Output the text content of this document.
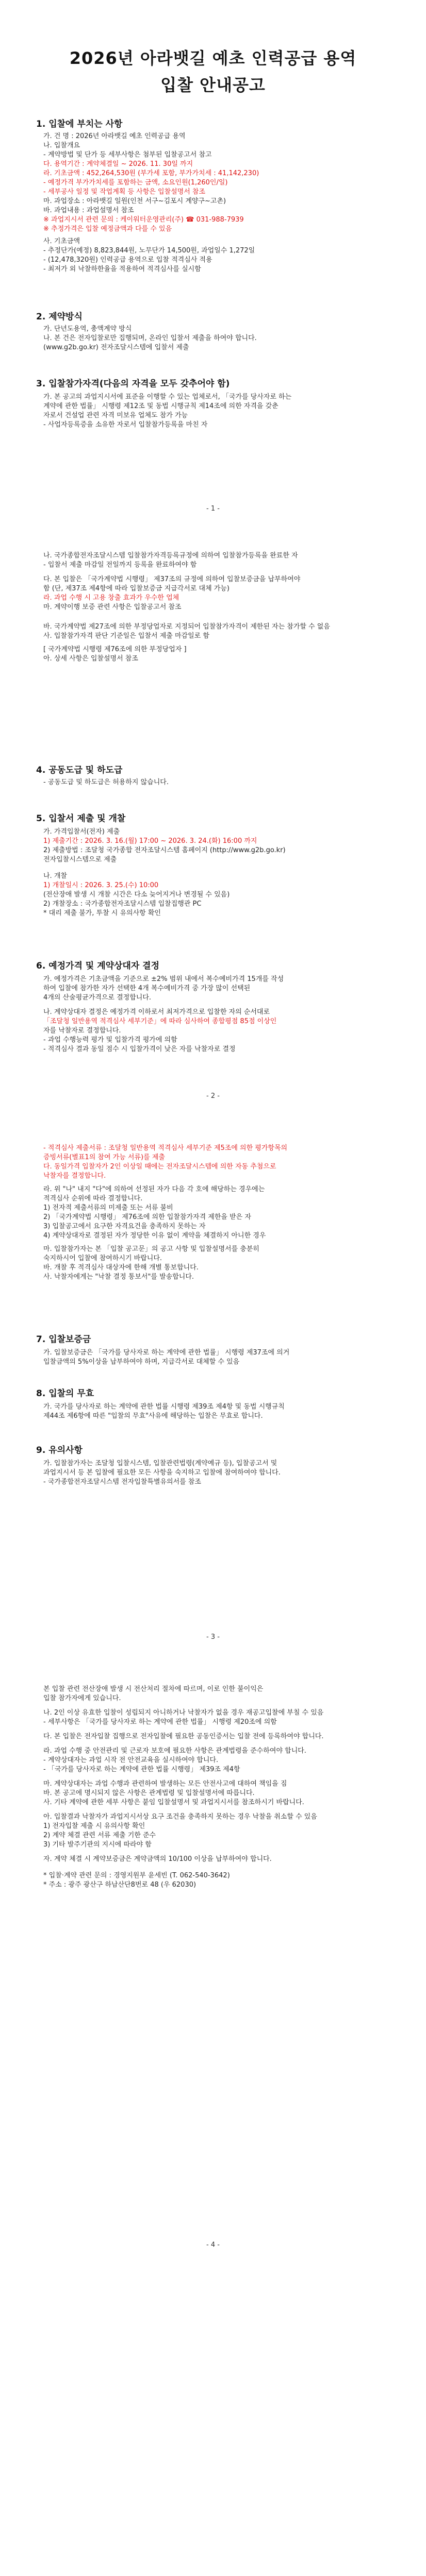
2026년 아라뱃길 예초 인력공급 용역
입찰 안내공고
1. 입찰에 부치는 사항
가. 건 명 : 2026년 아라뱃길 예초 인력공급 용역
나. 입찰개요
- 계약방법 및 단가 등 세부사항은 첨부된 입찰공고서 참고
다. 용역기간 : 계약체결일 ~ 2026. 11. 30일 까지
라. 기초금액 : 452,264,530원 (부가세 포함, 부가가치세 : 41,142,230)
- 예정가격 부가가치세를 포함하는 금액, 소요인원(1,260인/일)
- 세부공사 일정 및 작업계획 등 사항은 입찰설명서 참조
마. 과업장소 : 아라뱃길 일원(인천 서구~김포시 계양구~고촌)
바. 과업내용 : 과업설명서 참조
※ 과업지시서 관련 문의 : 케이워터운영관리(주) ☎ 031-988-7939
※ 추정가격은 입찰 예정금액과 다를 수 있음
사. 기초금액
- 추정단가(예정) 8,823,844원, 노무단가 14,500원, 과업일수 1,272일
- (12,478,320원) 인력공급 용역으로 입찰 적격심사 적용
- 최저가 외 낙찰하한율을 적용하여 적격심사를 실시함
2. 제약방식
가. 단년도용역, 총액계약 방식
나. 본 건은 전자입찰로만 집행되며, 온라인 입찰서 제출을 하여야 합니다.
(www.g2b.go.kr) 전자조달시스템에 입찰서 제출
3. 입찰참가자격(다음의 자격을 모두 갖추어야 함)
가. 본 공고의 과업지시서에 표준을 이행할 수 있는 업체로서, 「국가를 당사자로 하는
계약에 관한 법률」 시행령 제12조 및 동법 시행규칙 제14조에 의한 자격을 갖춘
자로서 건설업 관련 자격 미보유 업체도 참가 가능
- 사업자등록증을 소유한 자로서 입찰참가등록을 마친 자
- 1 -
나. 국가종합전자조달시스템 입찰참가자격등록규정에 의하여 입찰참가등록을 완료한 자
- 입찰서 제출 마감일 전일까지 등록을 완료하여야 함
다. 본 입찰은 「국가계약법 시행령」 제37조의 규정에 의하여 입찰보증금을 납부하여야
함 (단, 제37조 제4항에 따라 입찰보증금 지급각서로 대체 가능)
라. 과업 수행 시 고용 창출 효과가 우수한 업체
마. 계약이행 보증 관련 사항은 입찰공고서 참조
바. 국가계약법 제27조에 의한 부정당업자로 지정되어 입찰참가자격이 제한된 자는 참가할 수 없음
사. 입찰참가자격 판단 기준일은 입찰서 제출 마감일로 함
[ 국가계약법 시행령 제76조에 의한 부정당업자 ]
아. 상세 사항은 입찰설명서 참조
4. 공동도급 및 하도급
- 공동도급 및 하도급은 허용하지 않습니다.
5. 입찰서 제출 및 개찰
가. 가격입찰서(전자) 제출
1) 제출기간 : 2026. 3. 16.(월) 17:00 ~ 2026. 3. 24.(화) 16:00 까지
2) 제출방법 : 조달청 국가종합 전자조달시스템 홈페이지 (http://www.g2b.go.kr)
전자입찰시스템으로 제출
나. 개찰
1) 개찰일시 : 2026. 3. 25.(수) 10:00
(전산장애 발생 시 개찰 시간은 다소 늦어지거나 변경될 수 있음)
2) 개찰장소 : 국가종합전자조달시스템 입찰집행관 PC
* 대리 제출 불가, 투찰 시 유의사항 확인
6. 예정가격 및 계약상대자 결정
가. 예정가격은 기초금액을 기준으로 ±2% 범위 내에서 복수예비가격 15개를 작성
하여 입찰에 참가한 자가 선택한 4개 복수예비가격 중 가장 많이 선택된
4개의 산술평균가격으로 결정합니다.
나. 계약상대자 결정은 예정가격 이하로서 최저가격으로 입찰한 자의 순서대로
「조달청 일반용역 적격심사 세부기준」에 따라 심사하여 종합평점 85점 이상인
자를 낙찰자로 결정합니다.
- 과업 수행능력 평가 및 입찰가격 평가에 의함
- 적격심사 결과 동일 점수 시 입찰가격이 낮은 자를 낙찰자로 결정
- 2 -
- 적격심사 제출서류 : 조달청 일반용역 적격심사 세부기준 제5조에 의한 평가항목의
증빙서류(별표1의 참여 가능 서류)를 제출
다. 동일가격 입찰자가 2인 이상일 때에는 전자조달시스템에 의한 자동 추첨으로
낙찰자를 결정합니다.
라. 위 "나" 내지 "다"에 의하여 선정된 자가 다음 각 호에 해당하는 경우에는
적격심사 순위에 따라 결정합니다.
1) 전자적 제출서류의 미제출 또는 서류 불비
2) 「국가계약법 시행령」 제76조에 의한 입찰참가자격 제한을 받은 자
3) 입찰공고에서 요구한 자격요건을 충족하지 못하는 자
4) 계약상대자로 결정된 자가 정당한 이유 없이 계약을 체결하지 아니한 경우
마. 입찰참가자는 본 「입찰 공고문」의 공고 사항 및 입찰설명서를 충분히
숙지하시어 입찰에 참여하시기 바랍니다.
바. 개찰 후 적격심사 대상자에 한해 개별 통보합니다.
사. 낙찰자에게는 "낙찰 결정 통보서"를 발송합니다.
7. 입찰보증금
가. 입찰보증금은 「국가를 당사자로 하는 계약에 관한 법률」 시행령 제37조에 의거
입찰금액의 5%이상을 납부하여야 하며, 지급각서로 대체할 수 있음
8. 입찰의 무효
가. 국가를 당사자로 하는 계약에 관한 법률 시행령 제39조 제4항 및 동법 시행규칙
제44조 제6항에 따른 "입찰의 무효"사유에 해당하는 입찰은 무효로 합니다.
9. 유의사항
가. 입찰참가자는 조달청 입찰시스템, 입찰관련법령(계약예규 등), 입찰공고서 및
과업지시서 등 본 입찰에 필요한 모든 사항을 숙지하고 입찰에 참여하여야 합니다.
- 국가종합전자조달시스템 전자입찰특별유의서를 참조
- 3 -
본 입찰 관련 전산장애 발생 시 전산처리 절차에 따르며, 이로 인한 불이익은
입찰 참가자에게 있습니다.
나. 2인 이상 유효한 입찰이 성립되지 아니하거나 낙찰자가 없을 경우 재공고입찰에 부칠 수 있음
- 세부사항은 「국가를 당사자로 하는 계약에 관한 법률」 시행령 제20조에 의함
다. 본 입찰은 전자입찰 집행으로 전자입찰에 필요한 공동인증서는 입찰 전에 등록하여야 합니다.
라. 과업 수행 중 안전관리 및 근로자 보호에 필요한 사항은 관계법령을 준수하여야 합니다.
- 계약상대자는 과업 시작 전 안전교육을 실시하여야 합니다.
- 「국가를 당사자로 하는 계약에 관한 법률 시행령」 제39조 제4항
마. 계약상대자는 과업 수행과 관련하여 발생하는 모든 안전사고에 대하여 책임을 짐
바. 본 공고에 명시되지 않은 사항은 관계법령 및 입찰설명서에 따릅니다.
사. 기타 계약에 관한 세부 사항은 붙임 입찰설명서 및 과업지시서를 참조하시기 바랍니다.
아. 입찰결과 낙찰자가 과업지시서상 요구 조건을 충족하지 못하는 경우 낙찰을 취소할 수 있음
1) 전자입찰 제출 시 유의사항 확인
2) 계약 체결 관련 서류 제출 기한 준수
3) 기타 발주기관의 지시에 따라야 함
자. 계약 체결 시 계약보증금은 계약금액의 10/100 이상을 납부하여야 합니다.
* 입찰·계약 관련 문의 : 경영지원부 윤세빈 (T. 062-540-3642)
* 주소 : 광주 광산구 하남산단8번로 48 (우 62030)
- 4 -
